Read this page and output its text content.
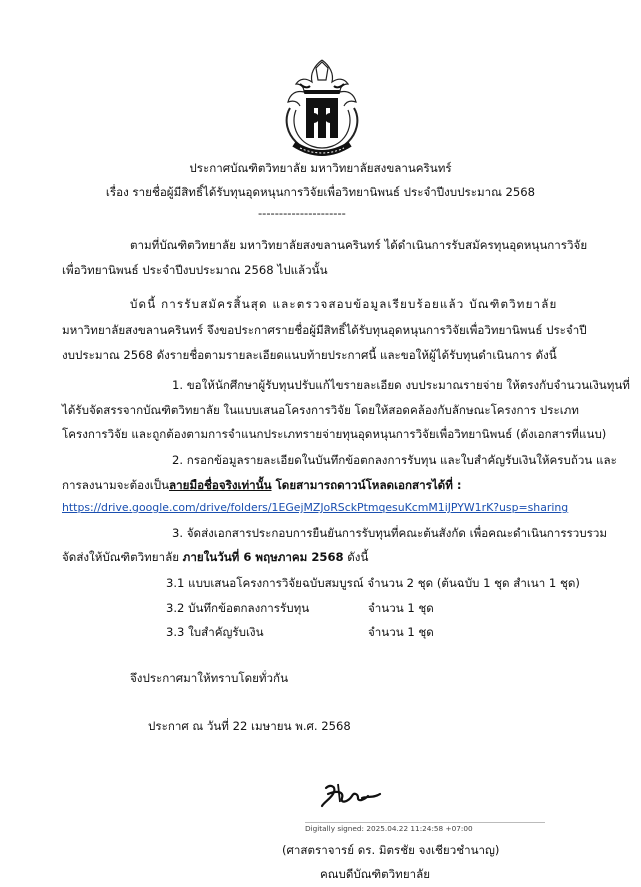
ประกาศบัณฑิตวิทยาลัย มหาวิทยาลัยสงขลานครินทร์
เรื่อง รายชื่อผู้มีสิทธิ์ได้รับทุนอุดหนุนการวิจัยเพื่อวิทยานิพนธ์ ประจำปีงบประมาณ 2568
---------------------
ตามที่บัณฑิตวิทยาลัย มหาวิทยาลัยสงขลานครินทร์ ได้ดำเนินการรับสมัครทุนอุดหนุนการวิจัย
เพื่อวิทยานิพนธ์ ประจำปีงบประมาณ 2568 ไปแล้วนั้น
บัดนี้ การรับสมัครสิ้นสุด และตรวจสอบข้อมูลเรียบร้อยแล้ว บัณฑิตวิทยาลัย
มหาวิทยาลัยสงขลานครินทร์ จึงขอประกาศรายชื่อผู้มีสิทธิ์ได้รับทุนอุดหนุนการวิจัยเพื่อวิทยานิพนธ์ ประจำปี
งบประมาณ 2568 ดังรายชื่อตามรายละเอียดแนบท้ายประกาศนี้ และขอให้ผู้ได้รับทุนดำเนินการ ดังนี้
1. ขอให้นักศึกษาผู้รับทุนปรับแก้ไขรายละเอียด งบประมาณรายจ่าย ให้ตรงกับจำนวนเงินทุนที่
ได้รับจัดสรรจากบัณฑิตวิทยาลัย ในแบบเสนอโครงการวิจัย โดยให้สอดคล้องกับลักษณะโครงการ ประเภท
โครงการวิจัย และถูกต้องตามการจำแนกประเภทรายจ่ายทุนอุดหนุนการวิจัยเพื่อวิทยานิพนธ์ (ดังเอกสารที่แนบ)
2. กรอกข้อมูลรายละเอียดในบันทึกข้อตกลงการรับทุน และใบสำคัญรับเงินให้ครบถ้วน และ
การลงนามจะต้องเป็นลายมือชื่อจริงเท่านั้น โดยสามารถดาวน์โหลดเอกสารได้ที่ :
https://drive.google.com/drive/folders/1EGejMZJoRSckPtmqesuKcmM1iJPYW1rK?usp=sharing
3. จัดส่งเอกสารประกอบการยืนยันการรับทุนที่คณะต้นสังกัด เพื่อคณะดำเนินการรวบรวม
จัดส่งให้บัณฑิตวิทยาลัย ภายในวันที่ 6 พฤษภาคม 2568 ดังนี้
3.1 แบบเสนอโครงการวิจัยฉบับสมบูรณ์ จำนวน 2 ชุด (ต้นฉบับ 1 ชุด สำเนา 1 ชุด)
3.2 บันทึกข้อตกลงการรับทุน	จำนวน 1 ชุด
3.3 ใบสำคัญรับเงิน	จำนวน 1 ชุด
จึงประกาศมาให้ทราบโดยทั่วกัน
ประกาศ ณ วันที่ 22 เมษายน พ.ศ. 2568
Digitally signed: 2025.04.22 11:24:58 +07:00
(ศาสตราจารย์ ดร. มิตรชัย จงเชียวชำนาญ)
คณบดีบัณฑิตวิทยาลัย
